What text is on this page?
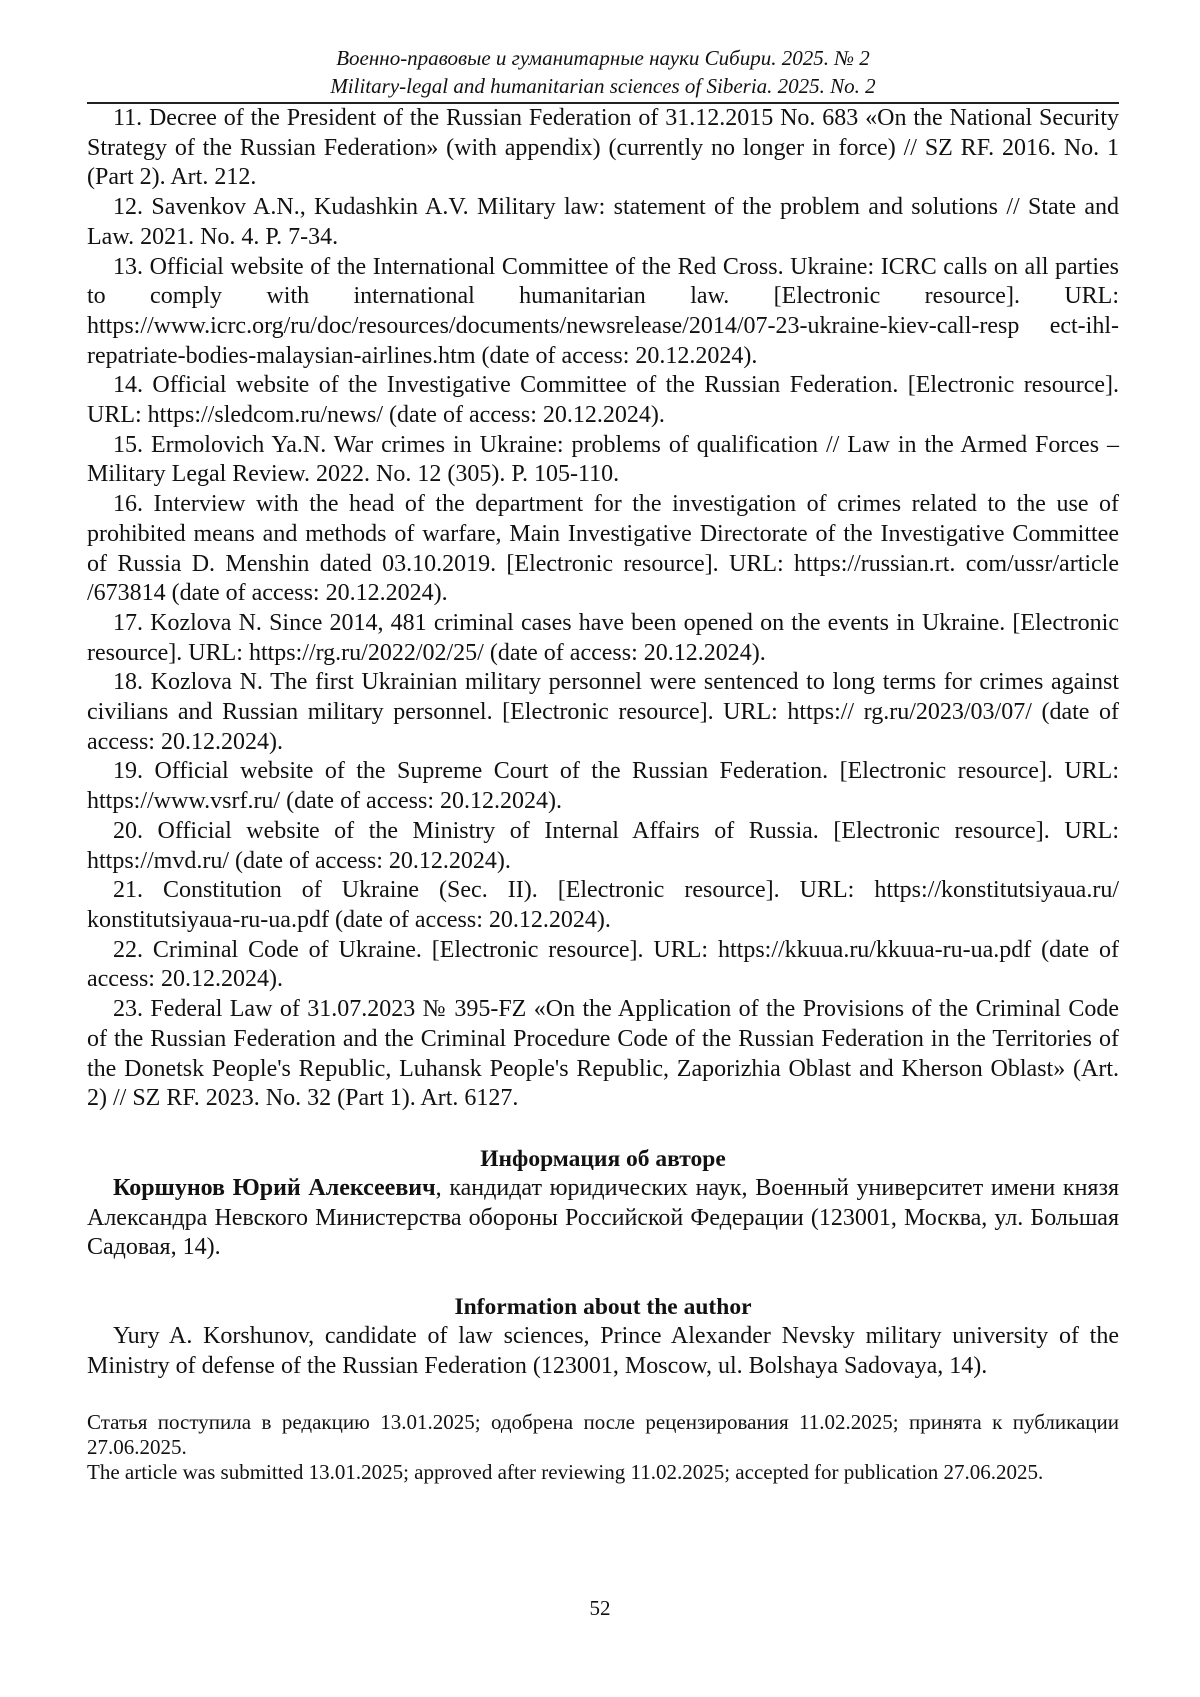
Военно-правовые и гуманитарные науки Сибири. 2025. № 2
Military-legal and humanitarian sciences of Siberia. 2025. No. 2

11. Decree of the President of the Russian Federation of 31.12.2015 No. 683 «On the National Security Strategy of the Russian Federation» (with appendix) (currently no longer in force) // SZ RF. 2016. No. 1 (Part 2). Art. 212.

12. Savenkov A.N., Kudashkin A.V. Military law: statement of the problem and solutions // State and Law. 2021. No. 4. P. 7-34.

13. Official website of the International Committee of the Red Cross. Ukraine: ICRC calls on all parties to comply with international humanitarian law. [Electronic resource]. URL: https://www.icrc.org/ru/doc/resources/documents/newsrelease/2014/07-23-ukraine-kiev-call-resp ect-ihl-repatriate-bodies-malaysian-airlines.htm (date of access: 20.12.2024).

14. Official website of the Investigative Committee of the Russian Federation. [Electronic resource]. URL: https://sledcom.ru/news/ (date of access: 20.12.2024).

15. Ermolovich Ya.N. War crimes in Ukraine: problems of qualification // Law in the Armed Forces – Military Legal Review. 2022. No. 12 (305). P. 105-110.

16. Interview with the head of the department for the investigation of crimes related to the use of prohibited means and methods of warfare, Main Investigative Directorate of the Investigative Committee of Russia D. Menshin dated 03.10.2019. [Electronic resource]. URL: https://russian.rt. com/ussr/article /673814 (date of access: 20.12.2024).

17. Kozlova N. Since 2014, 481 criminal cases have been opened on the events in Ukraine. [Electronic resource]. URL: https://rg.ru/2022/02/25/ (date of access: 20.12.2024).

18. Kozlova N. The first Ukrainian military personnel were sentenced to long terms for crimes against civilians and Russian military personnel. [Electronic resource]. URL: https:// rg.ru/2023/03/07/ (date of access: 20.12.2024).

19. Official website of the Supreme Court of the Russian Federation. [Electronic resource]. URL: https://www.vsrf.ru/ (date of access: 20.12.2024).

20. Official website of the Ministry of Internal Affairs of Russia. [Electronic resource]. URL: https://mvd.ru/ (date of access: 20.12.2024).

21. Constitution of Ukraine (Sec. II). [Electronic resource]. URL: https://konstitutsiyaua.ru/ konstitutsiyaua-ru-ua.pdf (date of access: 20.12.2024).

22. Criminal Code of Ukraine. [Electronic resource]. URL: https://kkuua.ru/kkuua-ru-ua.pdf (date of access: 20.12.2024).

23. Federal Law of 31.07.2023 № 395-FZ «On the Application of the Provisions of the Criminal Code of the Russian Federation and the Criminal Procedure Code of the Russian Federation in the Territories of the Donetsk People's Republic, Luhansk People's Republic, Zaporizhia Oblast and Kherson Oblast» (Art. 2) // SZ RF. 2023. No. 32 (Part 1). Art. 6127.

Информация об авторе

Коршунов Юрий Алексеевич, кандидат юридических наук, Военный университет имени князя Александра Невского Министерства обороны Российской Федерации (123001, Москва, ул. Большая Садовая, 14).

Information about the author

Yury A. Korshunov, candidate of law sciences, Prince Alexander Nevsky military university of the Ministry of defense of the Russian Federation (123001, Moscow, ul. Bolshaya Sadovaya, 14).

Статья поступила в редакцию 13.01.2025; одобрена после рецензирования 11.02.2025; принята к публикации 27.06.2025.

The article was submitted 13.01.2025; approved after reviewing 11.02.2025; accepted for publication 27.06.2025.

52
